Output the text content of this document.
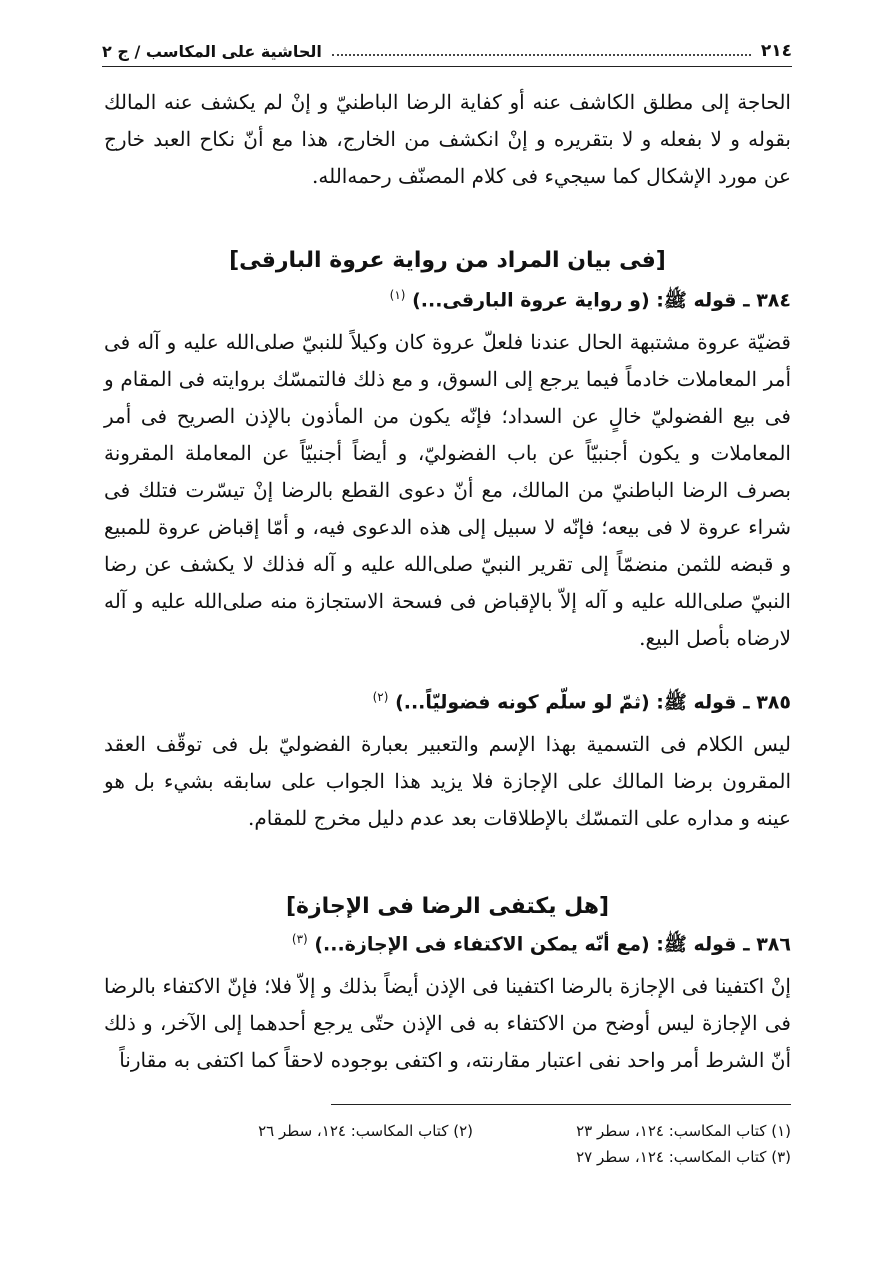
٢١٤
الحاشية على المكاسب / ج ٢

الحاجة إلى مطلق الكاشف عنه أو كفاية الرضا الباطنيّ و إنْ لم يكشف عنه المالك بقوله و لا بفعله و لا بتقريره و إنْ انكشف من الخارج، هذا مع أنّ نكاح العبد خارج عن مورد الإشكال كما سيجيء فى كلام المصنّف رحمه‌الله.

[فى بيان المراد من رواية عروة البارقى]
٣٨٤ ـ قوله ﷺ: (و رواية عروة البارقى...) $^{(١)}$

قضيّة عروة مشتبهة الحال عندنا فلعلّ عروة كان وكيلاً للنبيّ صلى‌الله عليه و آله فى أمر المعاملات خادماً فيما يرجع إلى السوق، و مع ذلك فالتمسّك بروايته فى المقام و فى بيع الفضوليّ خالٍ عن السداد؛ فإنّه يكون من المأذون بالإذن الصريح فى أمر المعاملات و يكون أجنبيّاً عن باب الفضوليّ، و أيضاً أجنبيّاً عن المعاملة المقرونة بصرف الرضا الباطنيّ من المالك، مع أنّ دعوى القطع بالرضا إنْ تيسّرت فتلك فى شراء عروة لا فى بيعه؛ فإنّه لا سبيل إلى هذه الدعوى فيه، و أمّا إقباض عروة للمبيع و قبضه للثمن منضمّاً إلى تقرير النبيّ صلى‌الله عليه و آله فذلك لا يكشف عن رضا النبيّ صلى‌الله عليه و آله إلاّ بالإقباض فى فسحة الاستجازة منه صلى‌الله عليه و آله لارضاه بأصل البيع.

٣٨٥ ـ قوله ﷺ: (ثمّ لو سلّم كونه فضوليّاً...) $^{(٢)}$

ليس الكلام فى التسمية بهذا الإسم والتعبير بعبارة الفضوليّ بل فى توقّف العقد المقرون برضا المالك على الإجازة فلا يزيد هذا الجواب على سابقه بشيء بل هو عينه و مداره على التمسّك بالإطلاقات بعد عدم دليل مخرج للمقام.

[هل يكتفى الرضا فى الإجازة]
٣٨٦ ـ قوله ﷺ: (مع أنّه يمكن الاكتفاء فى الإجازة...) $^{(٣)}$

إنْ اكتفينا فى الإجازة بالرضا اكتفينا فى الإذن أيضاً بذلك و إلاّ فلا؛ فإنّ الاكتفاء بالرضا فى الإجازة ليس أوضح من الاكتفاء به فى الإذن حتّى يرجع أحدهما إلى الآخر، و ذلك أنّ الشرط أمر واحد نفى اعتبار مقارنته، و اكتفى بوجوده لاحقاً كما اكتفى به مقارناً

(١) كتاب المكاسب: ١٢٤، سطر ٢٣
(٢) كتاب المكاسب: ١٢٤، سطر ٢٦
(٣) كتاب المكاسب: ١٢٤، سطر ٢٧
